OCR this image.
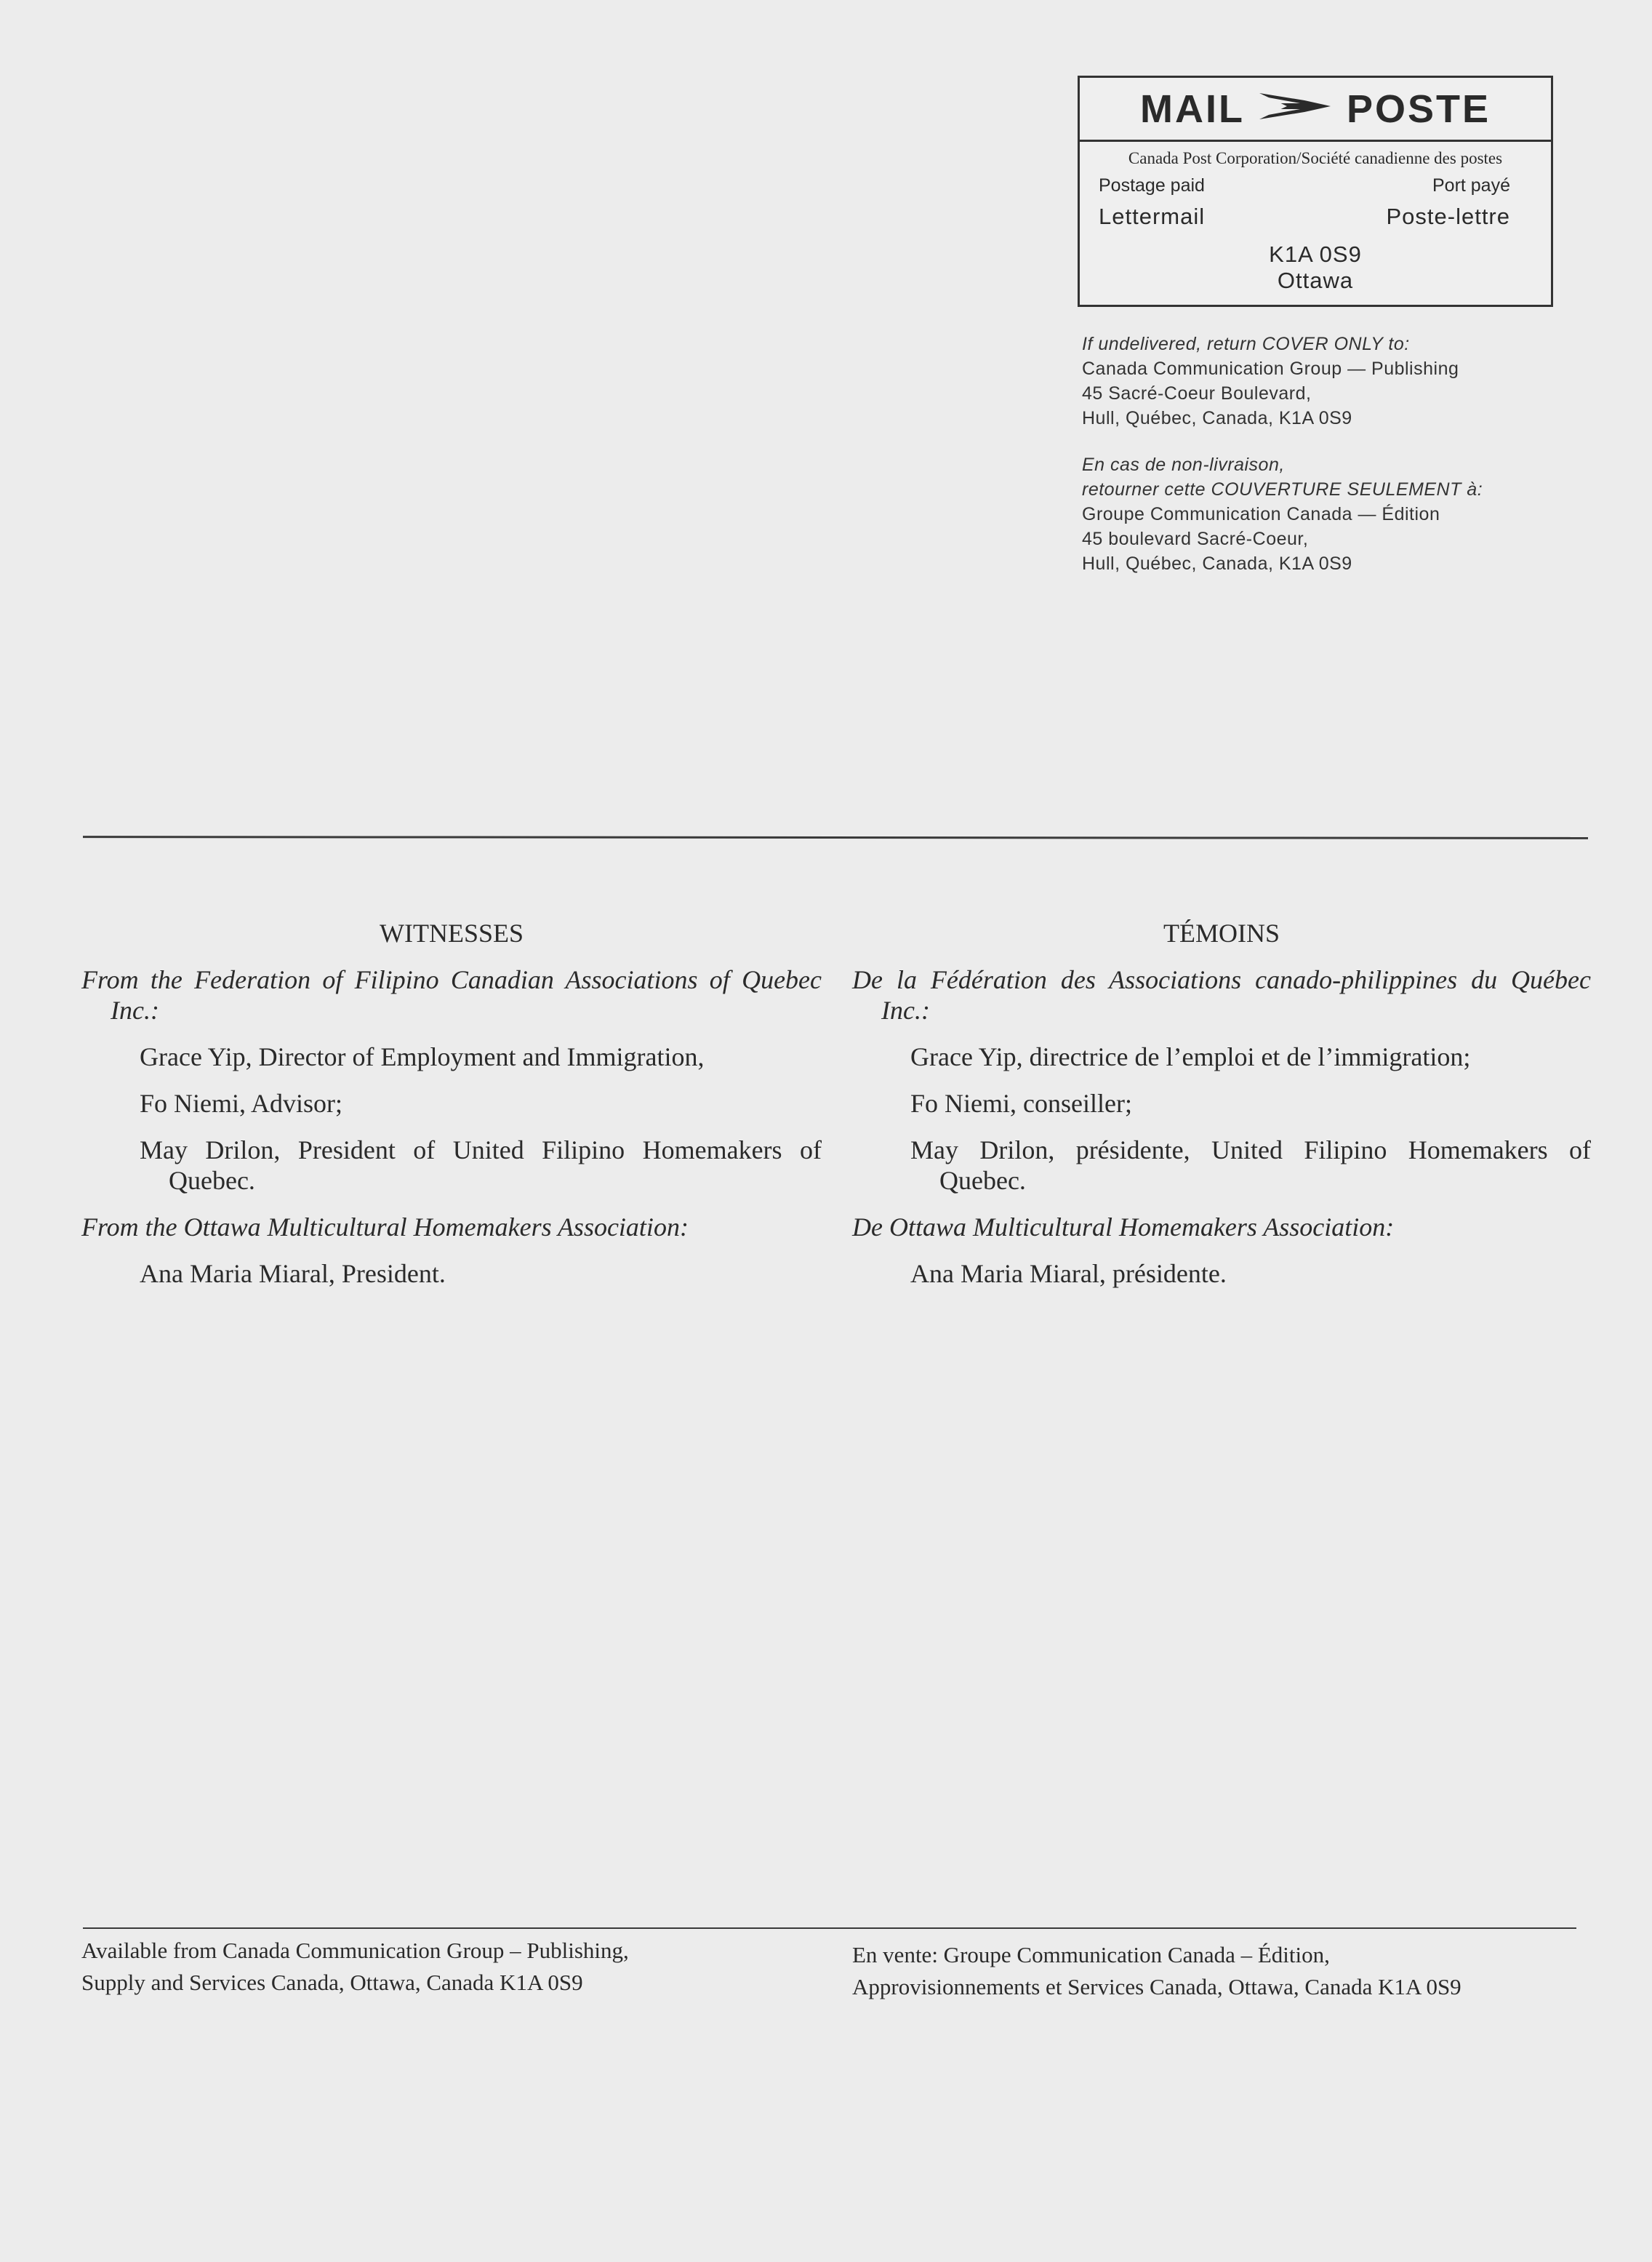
MAIL	POSTE
Canada Post Corporation/Société canadienne des postes
Postage paid	Port payé
Lettermail	Poste-lettre
K1A 0S9
Ottawa
If undelivered, return COVER ONLY to:
Canada Communication Group — Publishing
45 Sacré-Coeur Boulevard,
Hull, Québec, Canada, K1A 0S9
En cas de non-livraison,
retourner cette COUVERTURE SEULEMENT à:
Groupe Communication Canada — Édition
45 boulevard Sacré-Coeur,
Hull, Québec, Canada, K1A 0S9
WITNESSES
From the Federation of Filipino Canadian Associations of Quebec Inc.:
Grace Yip, Director of Employment and Immigration,
Fo Niemi, Advisor;
May Drilon, President of United Filipino Homemakers of Quebec.
From the Ottawa Multicultural Homemakers Association:
Ana Maria Miaral, President.
TÉMOINS
De la Fédération des Associations canado-philippines du Québec Inc.:
Grace Yip, directrice de l’emploi et de l’immigration;
Fo Niemi, conseiller;
May Drilon, présidente, United Filipino Homemakers of Quebec.
De Ottawa Multicultural Homemakers Association:
Ana Maria Miaral, présidente.
Available from Canada Communication Group – Publishing,
Supply and Services Canada, Ottawa, Canada K1A 0S9
En vente: Groupe Communication Canada – Édition,
Approvisionnements et Services Canada, Ottawa, Canada K1A 0S9
